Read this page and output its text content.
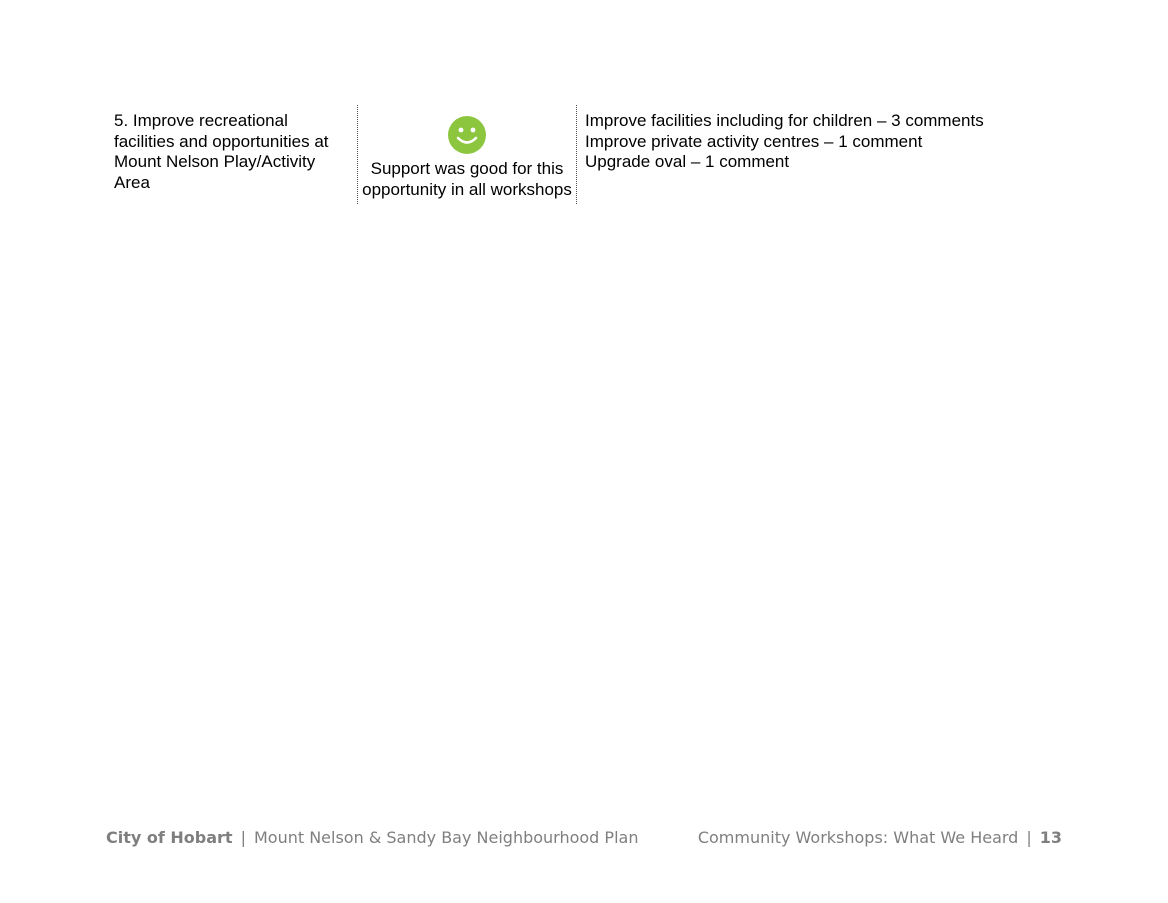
5. Improve recreational facilities and opportunities at Mount Nelson Play/Activity Area
Support was good for this opportunity in all workshops
Improve facilities including for children – 3 comments
Improve private activity centres – 1 comment
Upgrade oval – 1 comment
City of Hobart | Mount Nelson & Sandy Bay Neighbourhood Plan	Community Workshops: What We Heard | 13
